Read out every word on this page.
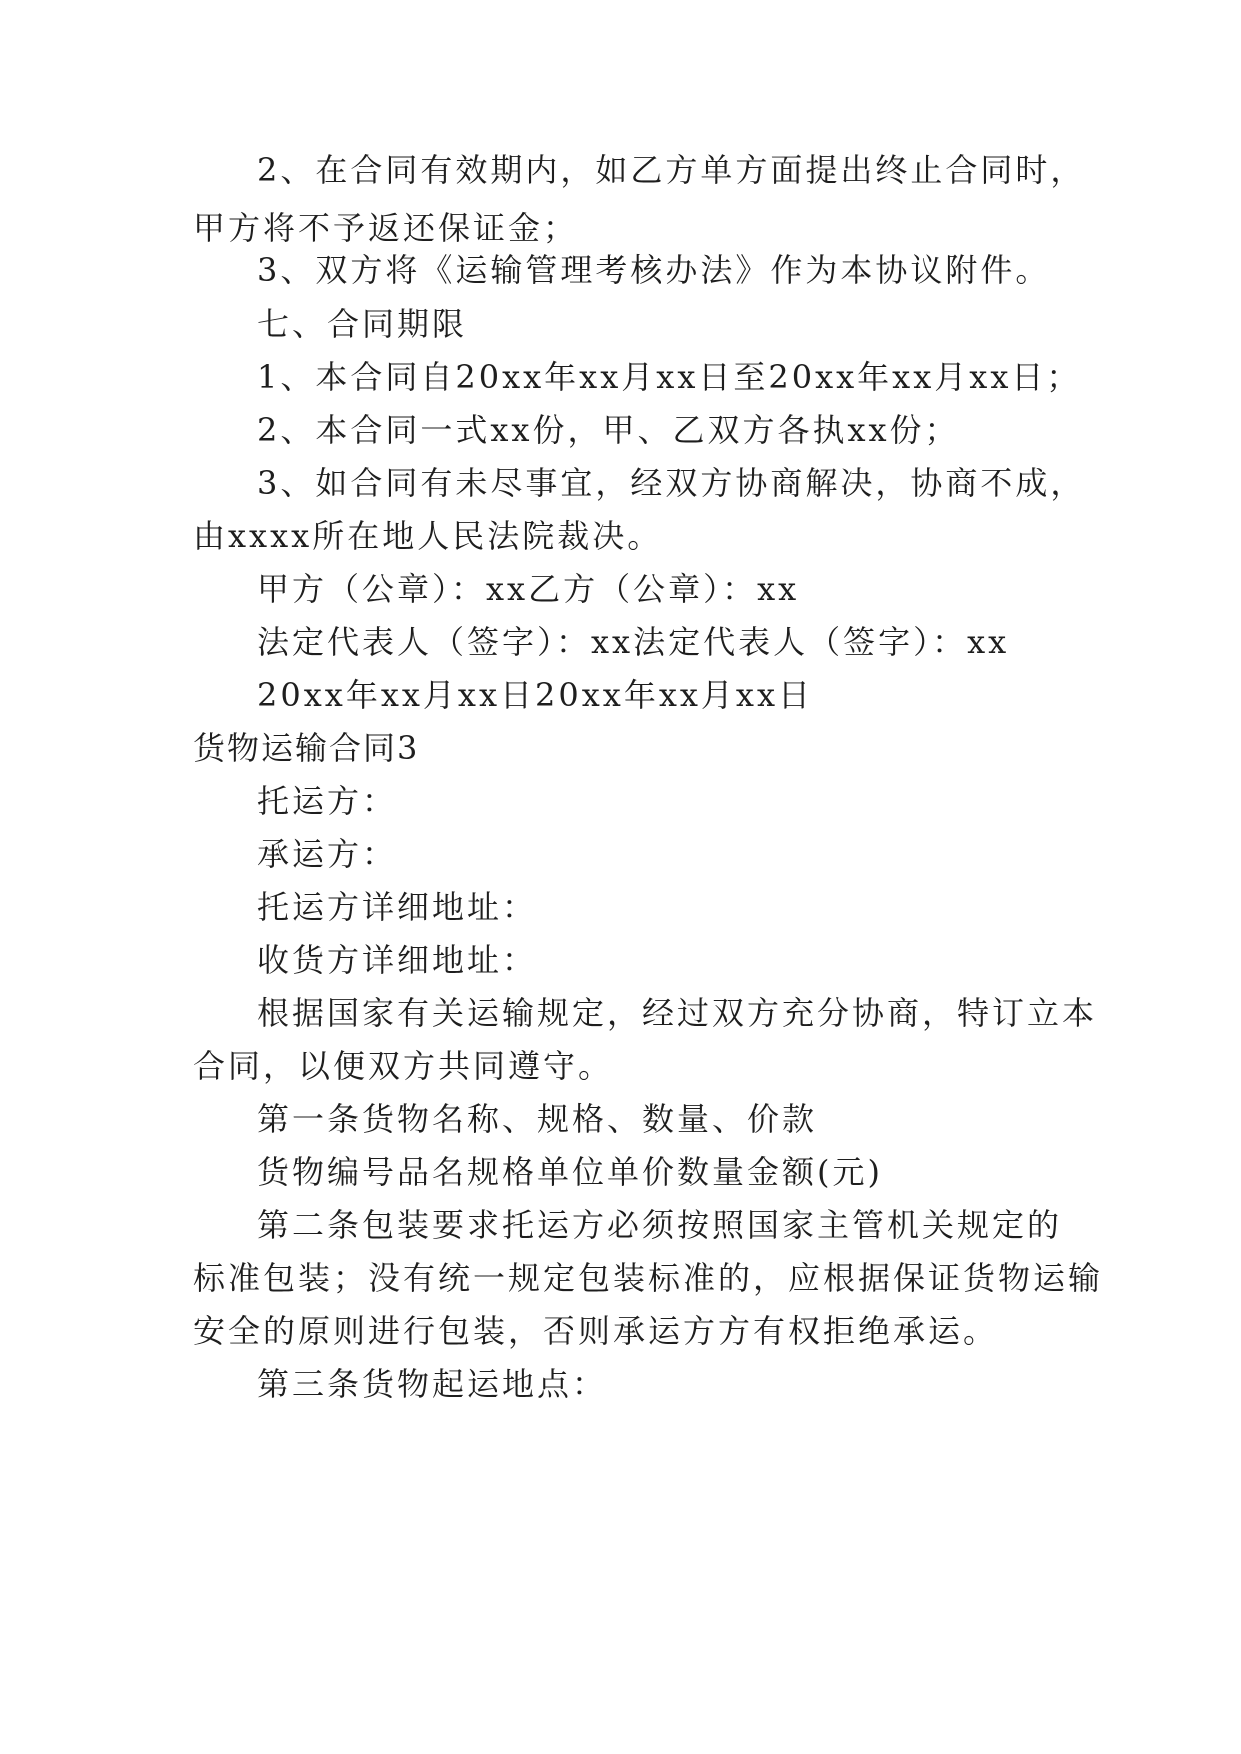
2、在合同有效期内，如乙方单方面提出终止合同时，
甲方将不予返还保证金；
3、双方将《运输管理考核办法》作为本协议附件。
七、合同期限
1、本合同自20xx年xx月xx日至20xx年xx月xx日；
2、本合同一式xx份，甲、乙双方各执xx份；
3、如合同有未尽事宜，经双方协商解决，协商不成，
由xxxx所在地人民法院裁决。
甲方（公章）：xx乙方（公章）：xx
法定代表人（签字）：xx法定代表人（签字）：xx
20xx年xx月xx日20xx年xx月xx日
货物运输合同3
托运方：
承运方：
托运方详细地址：
收货方详细地址：
根据国家有关运输规定，经过双方充分协商，特订立本
合同，以便双方共同遵守。
第一条货物名称、规格、数量、价款
货物编号品名规格单位单价数量金额(元)
第二条包装要求托运方必须按照国家主管机关规定的
标准包装；没有统一规定包装标准的，应根据保证货物运输
安全的原则进行包装，否则承运方方有权拒绝承运。
第三条货物起运地点：
